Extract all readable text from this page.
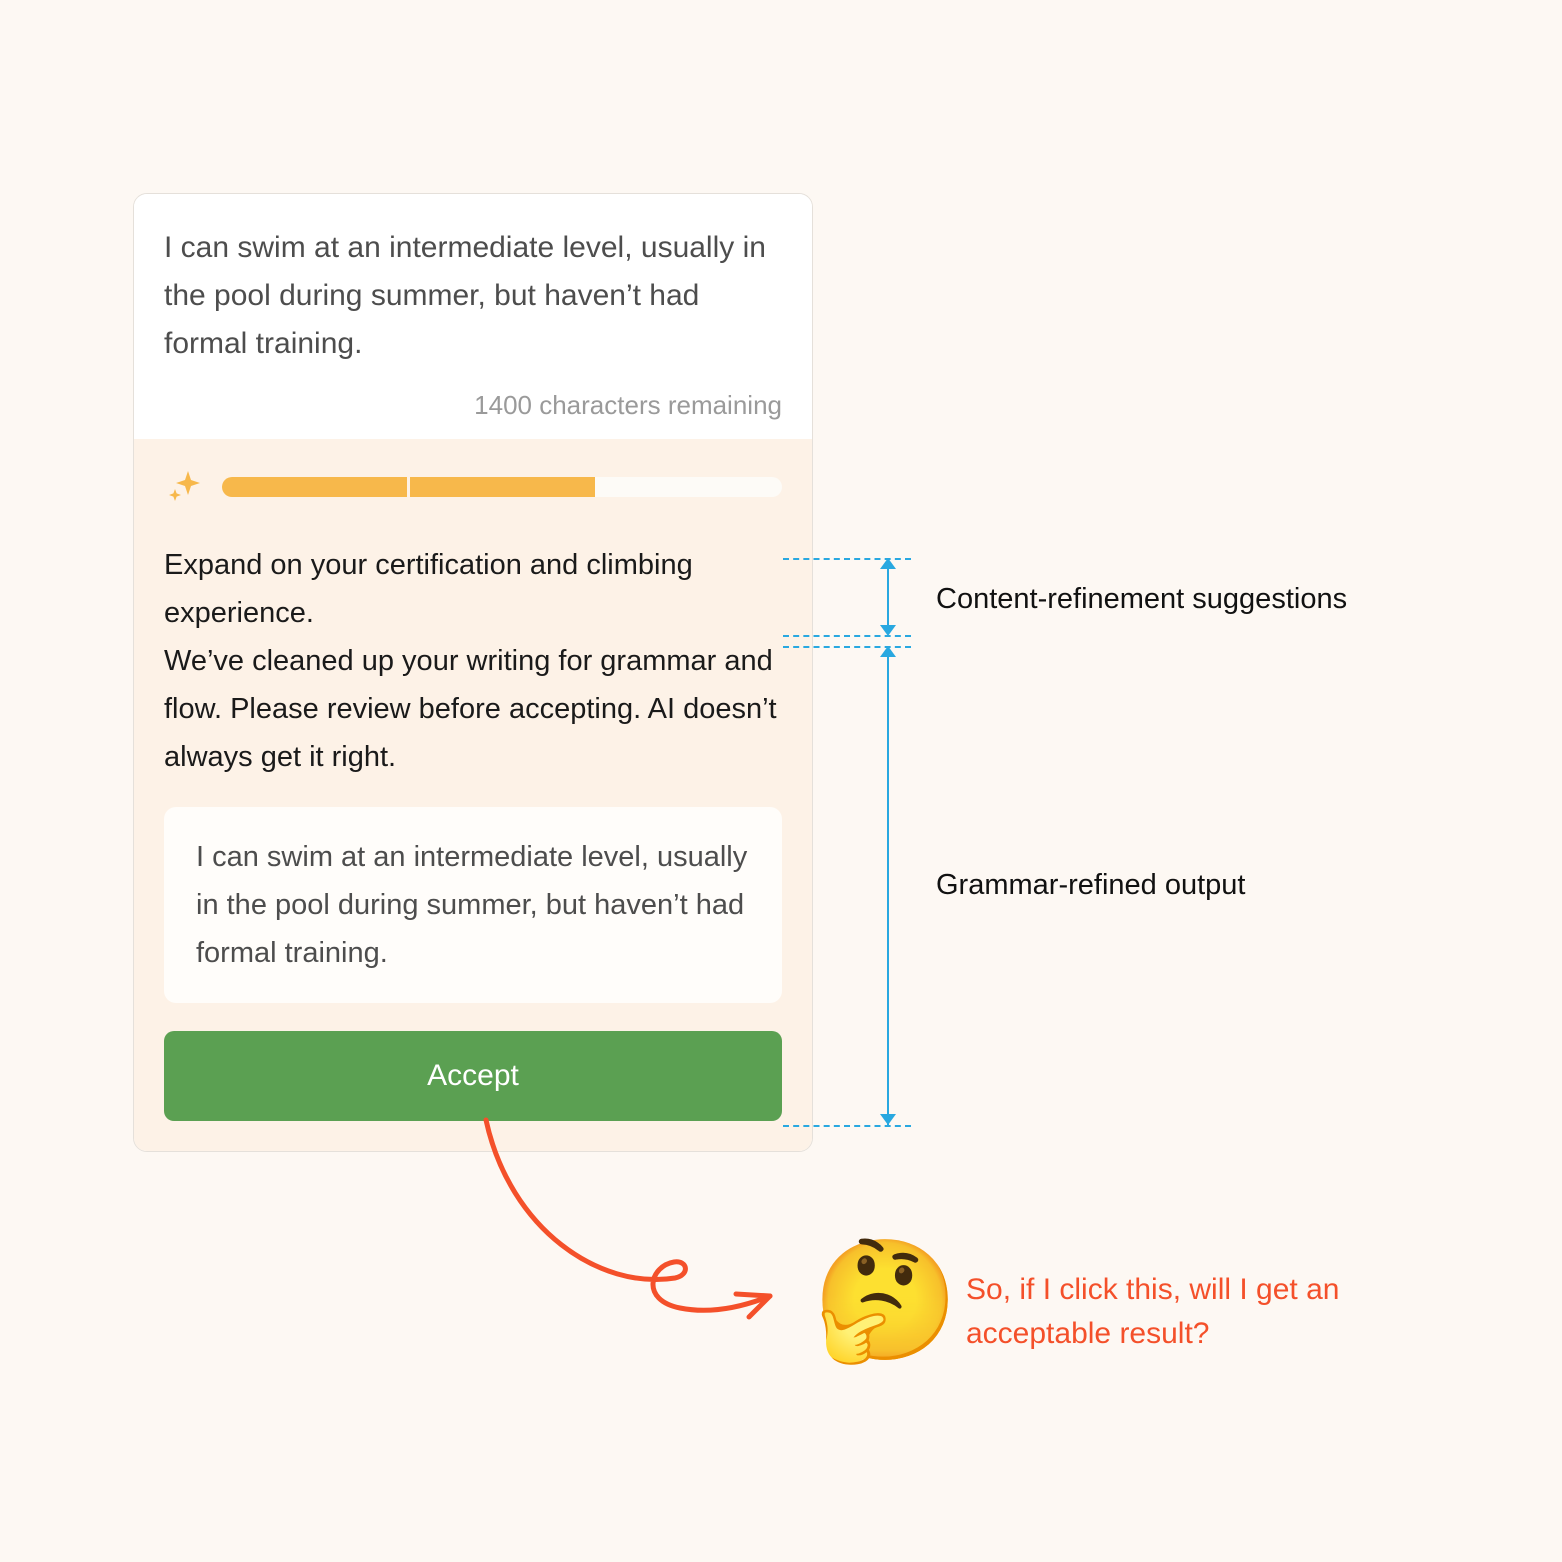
I can swim at an intermediate level, usually in the pool during summer, but haven’t had formal training.
1400 characters remaining
Expand on your certification and climbing experience.
We’ve cleaned up your writing for grammar and flow. Please review before accepting. AI doesn’t always get it right.
I can swim at an intermediate level, usually in the pool during summer, but haven’t had formal training.
Accept
Content-refinement suggestions
Grammar-refined output
🤔 So, if I click this, will I get an acceptable result?
